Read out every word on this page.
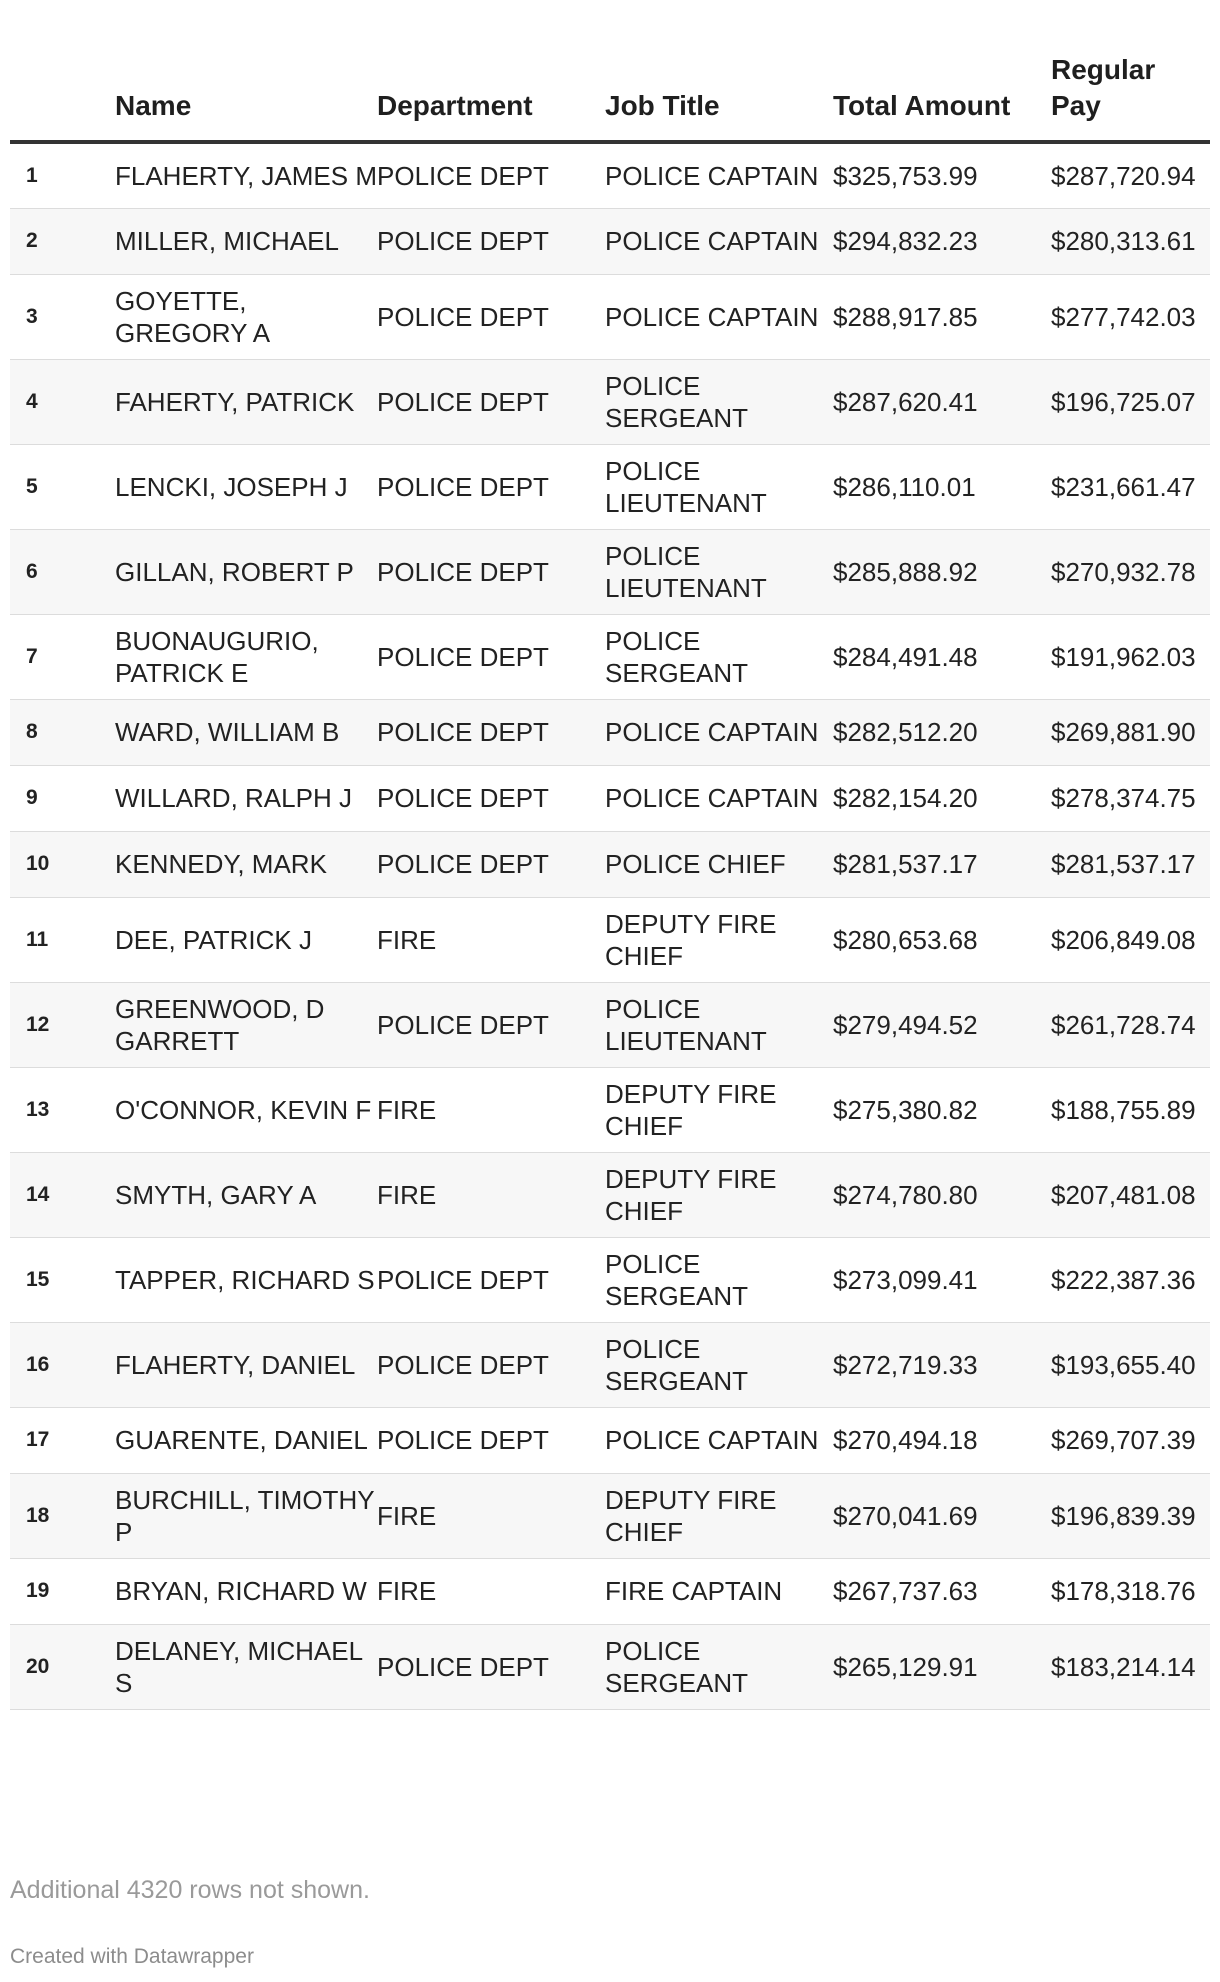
	Name	Department	Job Title	Total Amount	Regular Pay
1	FLAHERTY, JAMES M	POLICE DEPT	POLICE CAPTAIN	$325,753.99	$287,720.94
2	MILLER, MICHAEL	POLICE DEPT	POLICE CAPTAIN	$294,832.23	$280,313.61
3	GOYETTE, GREGORY A	POLICE DEPT	POLICE CAPTAIN	$288,917.85	$277,742.03
4	FAHERTY, PATRICK	POLICE DEPT	POLICE SERGEANT	$287,620.41	$196,725.07
5	LENCKI, JOSEPH J	POLICE DEPT	POLICE LIEUTENANT	$286,110.01	$231,661.47
6	GILLAN, ROBERT P	POLICE DEPT	POLICE LIEUTENANT	$285,888.92	$270,932.78
7	BUONAUGURIO, PATRICK E	POLICE DEPT	POLICE SERGEANT	$284,491.48	$191,962.03
8	WARD, WILLIAM B	POLICE DEPT	POLICE CAPTAIN	$282,512.20	$269,881.90
9	WILLARD, RALPH J	POLICE DEPT	POLICE CAPTAIN	$282,154.20	$278,374.75
10	KENNEDY, MARK	POLICE DEPT	POLICE CHIEF	$281,537.17	$281,537.17
11	DEE, PATRICK J	FIRE	DEPUTY FIRE CHIEF	$280,653.68	$206,849.08
12	GREENWOOD, D GARRETT	POLICE DEPT	POLICE LIEUTENANT	$279,494.52	$261,728.74
13	O'CONNOR, KEVIN F	FIRE	DEPUTY FIRE CHIEF	$275,380.82	$188,755.89
14	SMYTH, GARY A	FIRE	DEPUTY FIRE CHIEF	$274,780.80	$207,481.08
15	TAPPER, RICHARD S	POLICE DEPT	POLICE SERGEANT	$273,099.41	$222,387.36
16	FLAHERTY, DANIEL	POLICE DEPT	POLICE SERGEANT	$272,719.33	$193,655.40
17	GUARENTE, DANIEL	POLICE DEPT	POLICE CAPTAIN	$270,494.18	$269,707.39
18	BURCHILL, TIMOTHY P	FIRE	DEPUTY FIRE CHIEF	$270,041.69	$196,839.39
19	BRYAN, RICHARD W	FIRE	FIRE CAPTAIN	$267,737.63	$178,318.76
20	DELANEY, MICHAEL S	POLICE DEPT	POLICE SERGEANT	$265,129.91	$183,214.14
Additional 4320 rows not shown.
Created with Datawrapper
